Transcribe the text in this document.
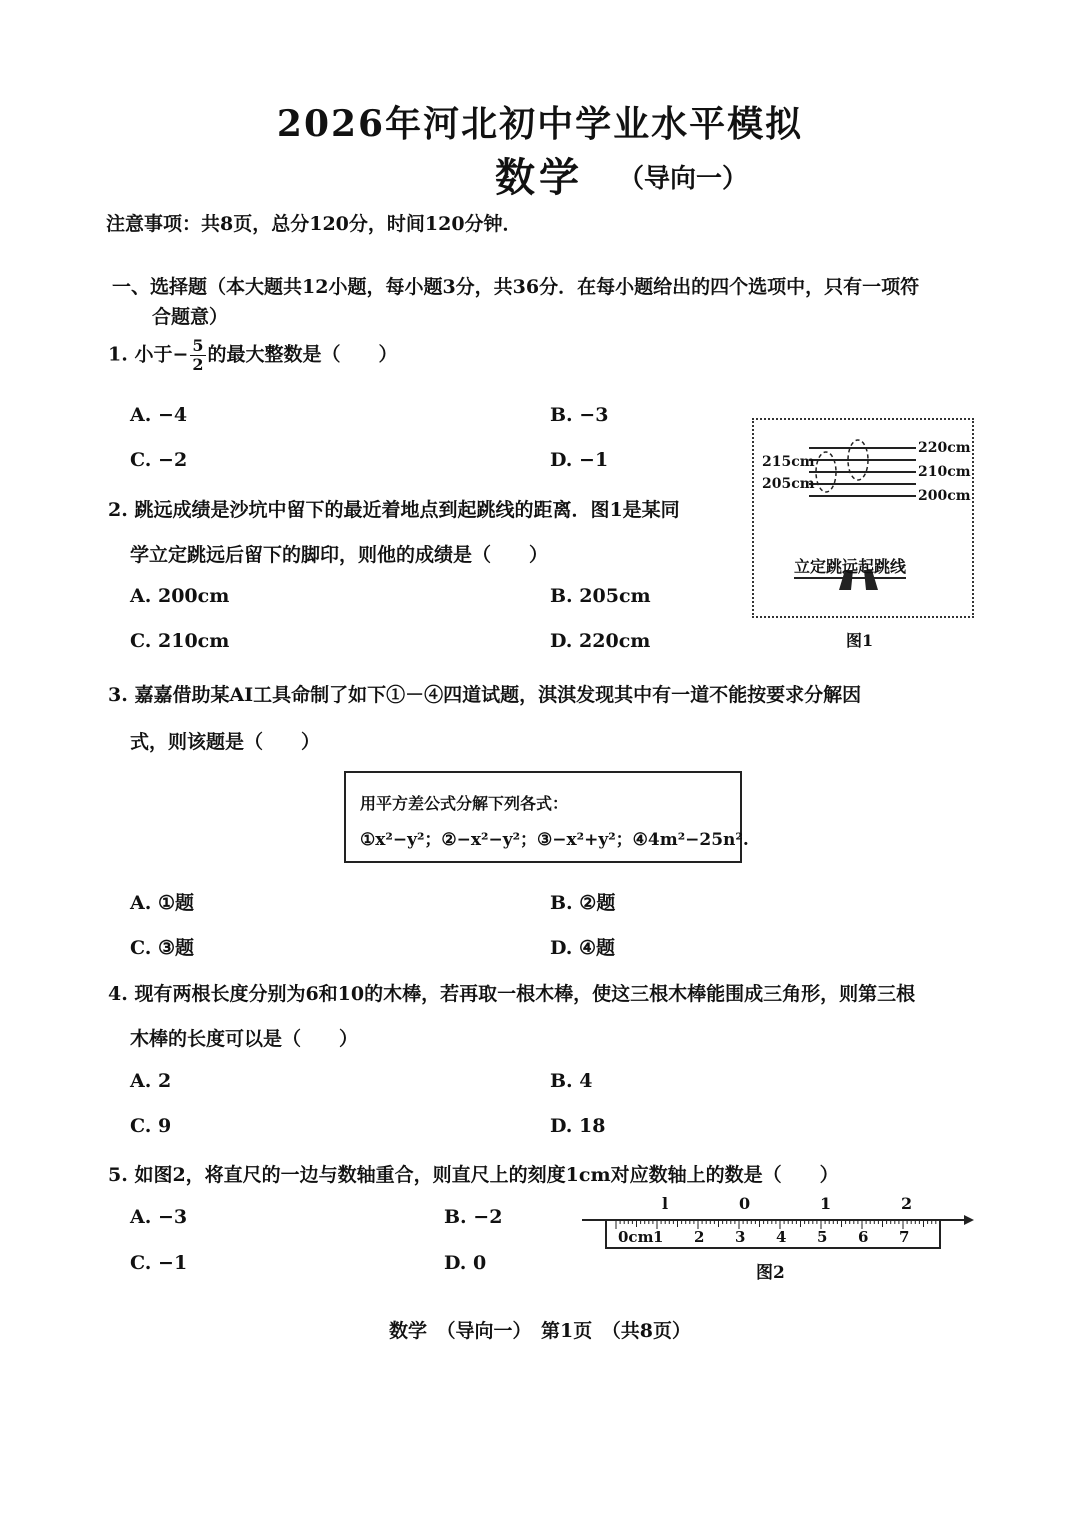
2026年河北初中学业水平模拟
数学 （导向一）
注意事项：共8页，总分120分，时间120分钟．
一、选择题（本大题共12小题，每小题3分，共36分．在每小题给出的四个选项中，只有一项符
合题意）
1. 小于− $\frac{5}{2}$ 的最大整数是（　　）
A. −4	B. −3
C. −2	D. −1
220cm
215cm
210cm
205cm
200cm
立定跳远起跳线
图1
2. 跳远成绩是沙坑中留下的最近着地点到起跳线的距离．图1是某同
学立定跳远后留下的脚印，则他的成绩是（　　）
A. 200cm	B. 205cm
C. 210cm	D. 220cm
3. 嘉嘉借助某AI工具命制了如下①－④四道试题，淇淇发现其中有一道不能按要求分解因
式，则该题是（　　）
用平方差公式分解下列各式：
①x²−y²；②−x²−y²；③−x²+y²；④4m²−25n².
A. ①题	B. ②题
C. ③题	D. ④题
4. 现有两根长度分别为6和10的木棒，若再取一根木棒，使这三根木棒能围成三角形，则第三根
木棒的长度可以是（　　）
A. 2	B. 4
C. 9	D. 18
5. 如图2，将直尺的一边与数轴重合，则直尺上的刻度1cm对应数轴上的数是（　　）
A. −3	B. −2
C. −1	D. 0
l	0	1	2
0cm 1 2 3 4 5 6 7
图2
数学　（导向一）　第1页　（共8页）
